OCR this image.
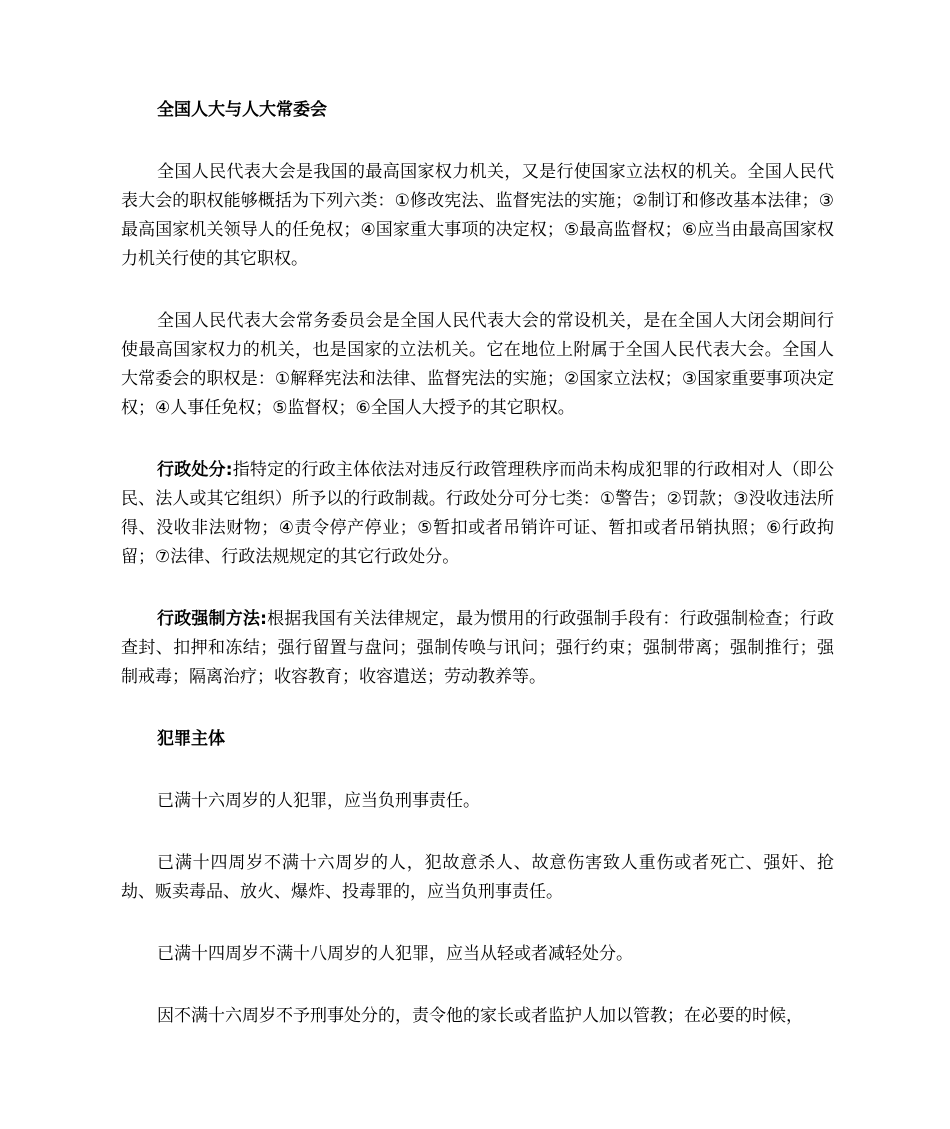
全国人大与人大常委会

全国人民代表大会是我国的最高国家权力机关，又是行使国家立法权的机关。全国人民代表大会的职权能够概括为下列六类：①修改宪法、监督宪法的实施；②制订和修改基本法律；③最高国家机关领导人的任免权；④国家重大事项的决定权；⑤最高监督权；⑥应当由最高国家权力机关行使的其它职权。

全国人民代表大会常务委员会是全国人民代表大会的常设机关，是在全国人大闭会期间行使最高国家权力的机关，也是国家的立法机关。它在地位上附属于全国人民代表大会。全国人大常委会的职权是：①解释宪法和法律、监督宪法的实施；②国家立法权；③国家重要事项决定权；④人事任免权；⑤监督权；⑥全国人大授予的其它职权。

行政处分:指特定的行政主体依法对违反行政管理秩序而尚未构成犯罪的行政相对人（即公民、法人或其它组织）所予以的行政制裁。行政处分可分七类：①警告；②罚款；③没收违法所得、没收非法财物；④责令停产停业；⑤暂扣或者吊销许可证、暂扣或者吊销执照；⑥行政拘留；⑦法律、行政法规规定的其它行政处分。

行政强制方法:根据我国有关法律规定，最为惯用的行政强制手段有：行政强制检查；行政查封、扣押和冻结；强行留置与盘问；强制传唤与讯问；强行约束；强制带离；强制推行；强制戒毒；隔离治疗；收容教育；收容遣送；劳动教养等。

犯罪主体

已满十六周岁的人犯罪，应当负刑事责任。

已满十四周岁不满十六周岁的人，犯故意杀人、故意伤害致人重伤或者死亡、强奸、抢劫、贩卖毒品、放火、爆炸、投毒罪的，应当负刑事责任。

已满十四周岁不满十八周岁的人犯罪，应当从轻或者减轻处分。

因不满十六周岁不予刑事处分的，责令他的家长或者监护人加以管教；在必要的时候，
